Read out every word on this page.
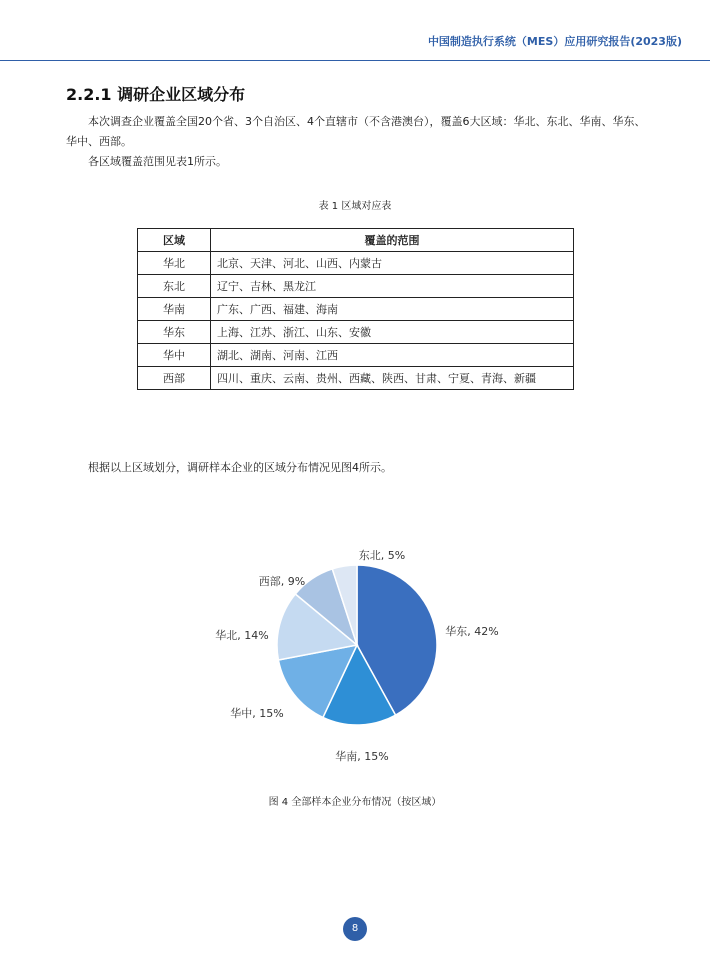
中国制造执行系统（MES）应用研究报告(2023版)
2.2.1 调研企业区域分布
本次调查企业覆盖全国20个省、3个自治区、4个直辖市（不含港澳台），覆盖6大区域：华北、东北、华南、华东、华中、西部。
各区域覆盖范围见表1所示。
表 1 区域对应表
区域	覆盖的范围
华北	北京、天津、河北、山西、内蒙古
东北	辽宁、吉林、黑龙江
华南	广东、广西、福建、海南
华东	上海、江苏、浙江、山东、安徽
华中	湖北、湖南、河南、江西
西部	四川、重庆、云南、贵州、西藏、陕西、甘肃、宁夏、青海、新疆
根据以上区域划分，调研样本企业的区域分布情况见图4所示。
华东, 42%
华南, 15%
华中, 15%
华北, 14%
西部, 9%
东北, 5%
图 4 全部样本企业分布情况（按区域）
8
